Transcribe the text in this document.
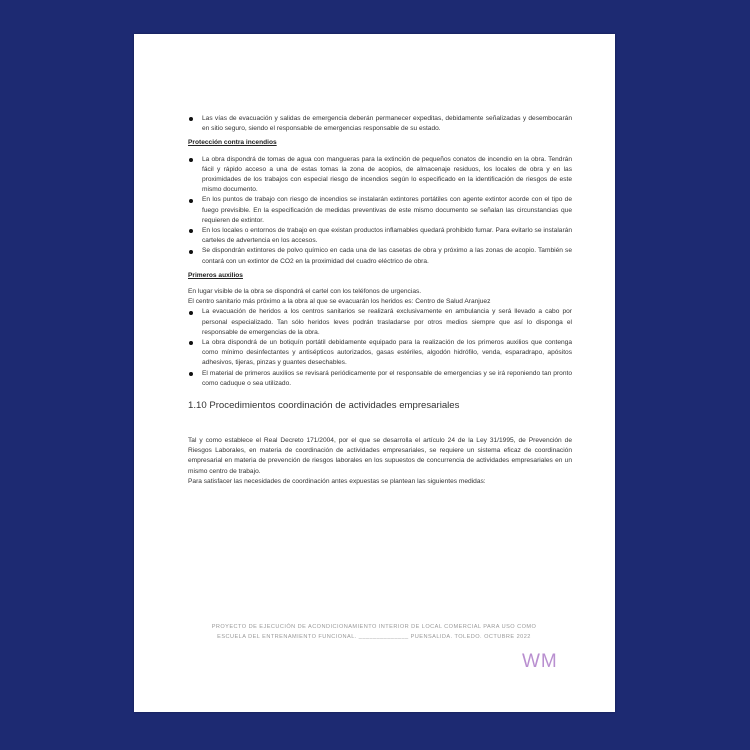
Las vías de evacuación y salidas de emergencia deberán permanecer expeditas, debidamente señalizadas y desembocarán en sitio seguro, siendo el responsable de emergencias responsable de su estado.
Protección contra incendios
La obra dispondrá de tomas de agua con mangueras para la extinción de pequeños conatos de incendio en la obra. Tendrán fácil y rápido acceso a una de estas tomas la zona de acopios, de almacenaje residuos, los locales de obra y en las proximidades de los trabajos con especial riesgo de incendios según lo especificado en la identificación de riesgos de este mismo documento.
En los puntos de trabajo con riesgo de incendios se instalarán extintores portátiles con agente extintor acorde con el tipo de fuego previsible. En la especificación de medidas preventivas de este mismo documento se señalan las circunstancias que requieren de extintor.
En los locales o entornos de trabajo en que existan productos inflamables quedará prohibido fumar. Para evitarlo se instalarán carteles de advertencia en los accesos.
Se dispondrán extintores de polvo químico en cada una de las casetas de obra y próximo a las zonas de acopio. También se contará con un extintor de CO2 en la proximidad del cuadro eléctrico de obra.
Primeros auxilios

En lugar visible de la obra se dispondrá el cartel con los teléfonos de urgencias.

El centro sanitario más próximo a la obra al que se evacuarán los heridos es: Centro de Salud Aranjuez

La evacuación de heridos a los centros sanitarios se realizará exclusivamente en ambulancia y será llevado a cabo por personal especializado. Tan sólo heridos leves podrán trasladarse por otros medios siempre que así lo disponga el responsable de emergencias de la obra.
La obra dispondrá de un botiquín portátil debidamente equipado para la realización de los primeros auxilios que contenga como mínimo desinfectantes y antisépticos autorizados, gasas estériles, algodón hidrófilo, venda, esparadrapo, apósitos adhesivos, tijeras, pinzas y guantes desechables.
El material de primeros auxilios se revisará periódicamente por el responsable de emergencias y se irá reponiendo tan pronto como caduque o sea utilizado.
1.10 Procedimientos coordinación de actividades empresariales

Tal y como establece el Real Decreto 171/2004, por el que se desarrolla el artículo 24 de la Ley 31/1995, de Prevención de Riesgos Laborales, en materia de coordinación de actividades empresariales, se requiere un sistema eficaz de coordinación empresarial en materia de prevención de riesgos laborales en los supuestos de concurrencia de actividades empresariales en un mismo centro de trabajo.

Para satisfacer las necesidades de coordinación antes expuestas se plantean las siguientes medidas:

PROYECTO DE EJECUCIÓN DE ACONDICIONAMIENTO INTERIOR DE LOCAL COMERCIAL PARA USO COMO
ESCUELA DEL ENTRENAMIENTO FUNCIONAL. ______________ PUENSALIDA. TOLEDO. OCTUBRE 2022
WM
